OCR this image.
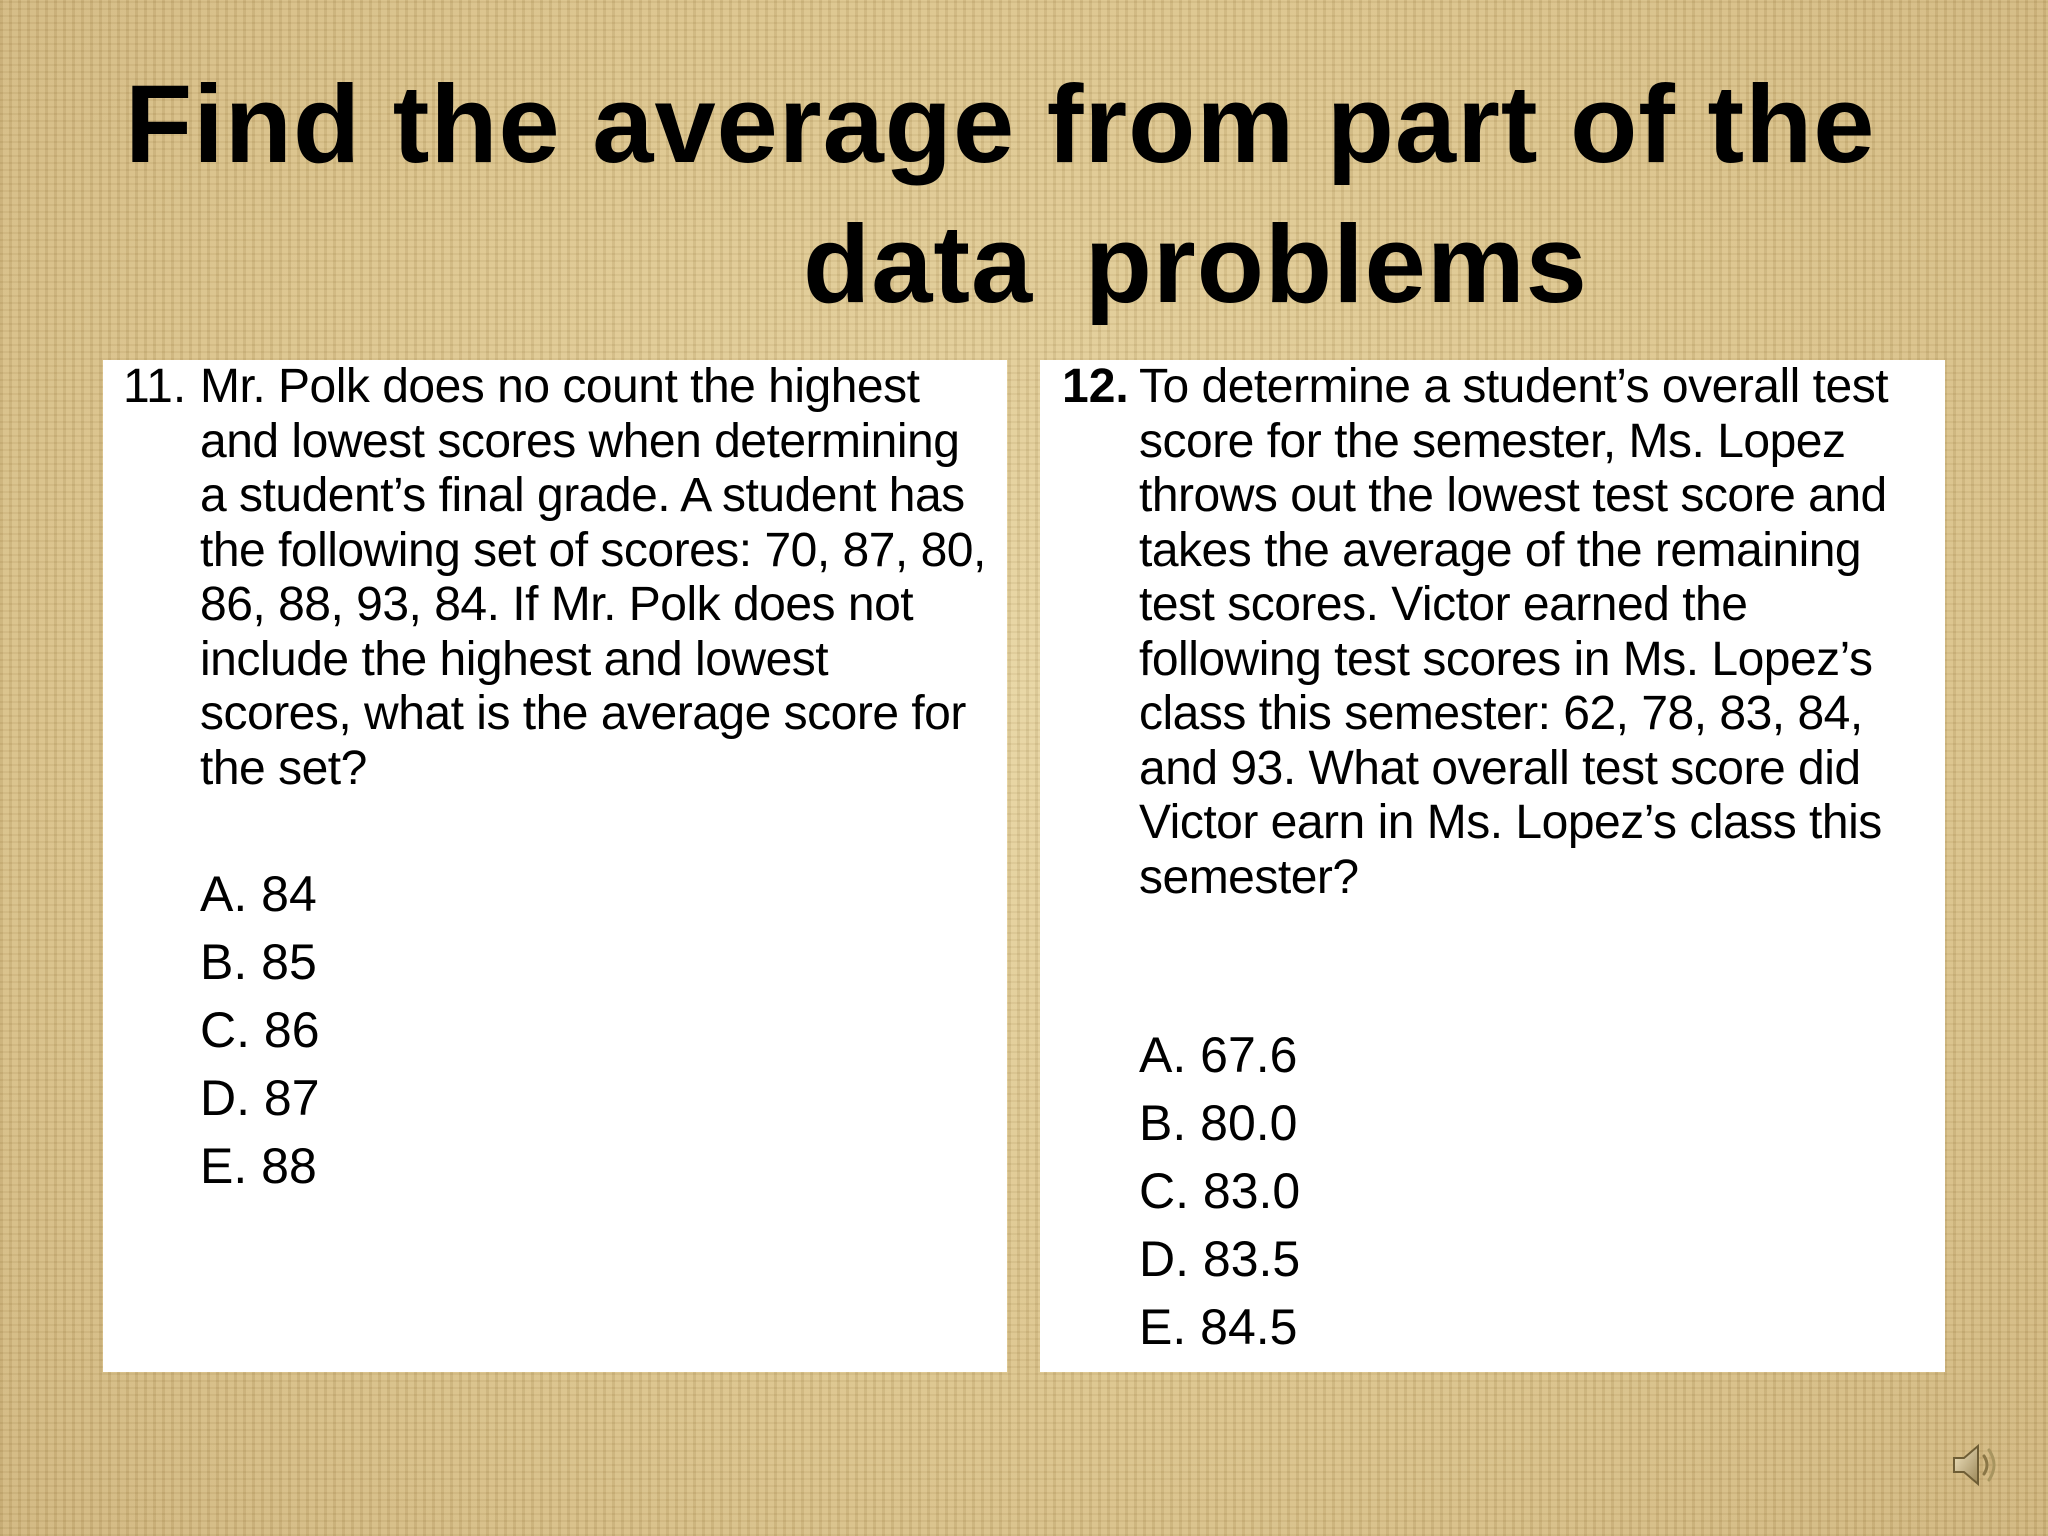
Find the average from part of the
data problems
11. Mr. Polk does no count the highest and lowest scores when determining a student’s final grade. A student has the following set of scores: 70, 87, 80, 86, 88, 93, 84. If Mr. Polk does not include the highest and lowest scores, what is the average score for the set?

A. 84
B. 85
C. 86
D. 87
E. 88
12. To determine a student’s overall test score for the semester, Ms. Lopez throws out the lowest test score and takes the average of the remaining test scores. Victor earned the following test scores in Ms. Lopez’s class this semester: 62, 78, 83, 84, and 93. What overall test score did Victor earn in Ms. Lopez’s class this semester?

A. 67.6
B. 80.0
C. 83.0
D. 83.5
E. 84.5
